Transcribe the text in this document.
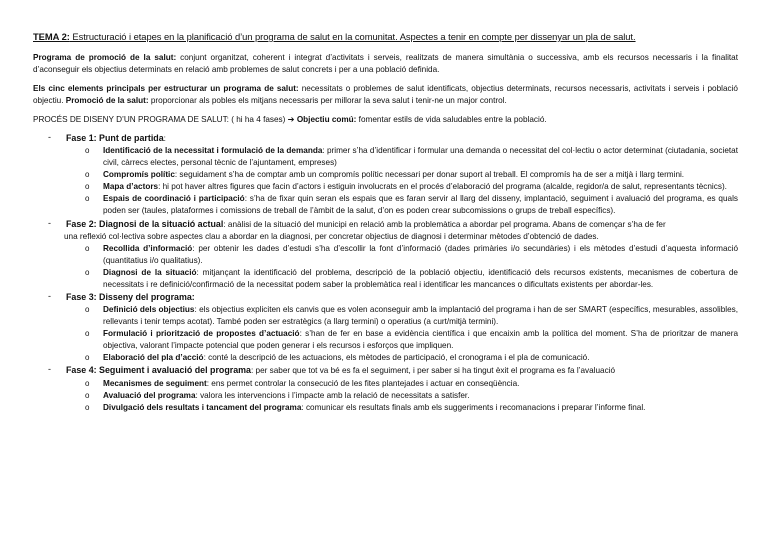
TEMA 2: Estructuració i etapes en la planificació d’un programa de salut en la comunitat. Aspectes a tenir en compte per dissenyar un pla de salut.

Programa de promoció de la salut: conjunt organitzat, coherent i integrat d’activitats i serveis, realitzats de manera simultània o successiva, amb els recursos necessaris i la finalitat d’aconseguir els objectius determinats en relació amb problemes de salut concrets i per a una població definida.

Els cinc elements principals per estructurar un programa de salut: necessitats o problemes de salut identificats, objectius determinats, recursos necessaris, activitats i serveis i població objectiu. Promoció de la salut: proporcionar als pobles els mitjans necessaris per millorar la seva salut i tenir-ne un major control.

PROCÉS DE DISENY D’UN PROGRAMA DE SALUT: ( hi ha 4 fases) ➔ Objectiu comú: fomentar estils de vida saludables entre la població.

- Fase 1: Punt de partida:
o Identificació de la necessitat i formulació de la demanda: primer s’ha d’identificar i formular una demanda o necessitat del col·lectiu o actor determinat (ciutadania, societat civil, càrrecs electes, personal tècnic de l’ajuntament, empreses)
o Compromís polític: seguidament s’ha de comptar amb un compromís polític necessari per donar suport al treball. El compromís ha de ser a mitjà i llarg termini.
o Mapa d’actors: hi pot haver altres figures que facin d’actors i estiguin involucrats en el procés d’elaboració del programa (alcalde, regidor/a de salut, representants tècnics).
o Espais de coordinació i participació: s’ha de fixar quin seran els espais que es faran servir al llarg del disseny, implantació, seguiment i avaluació del programa, es quals poden ser (taules, plataformes i comissions de treball de l’àmbit de la salut, d’on es poden crear subcomissions o grups de treball específics).
- Fase 2: Diagnosi de la situació actual: anàlisi de la situació del municipi en relació amb la problemàtica a abordar pel programa. Abans de començar s’ha de fer
una reflexió col·lectiva sobre aspectes clau a abordar en la diagnosi, per concretar objectius de diagnosi i determinar mètodes d’obtenció de dades.
o Recollida d’informació: per obtenir les dades d’estudi s’ha d’escollir la font d’informació (dades primàries i/o secundàries) i els mètodes d’estudi d’aquesta informació (quantitatius i/o qualitatius).
o Diagnosi de la situació: mitjançant la identificació del problema, descripció de la població objectiu, identificació dels recursos existents, mecanismes de cobertura de necessitats i re definició/confirmació de la necessitat podem saber la problemàtica real i identificar les mancances o dificultats existents per abordar-les.
- Fase 3: Disseny del programa:
o Definició dels objectius: els objectius expliciten els canvis que es volen aconseguir amb la implantació del programa i han de ser SMART (específics, mesurables, assolibles, rellevants i tenir temps acotat). També poden ser estratègics (a llarg termini) o operatius (a curt/mitjà termini).
o Formulació i priorització de propostes d’actuació: s’han de fer en base a evidència científica i que encaixin amb la política del moment. S’ha de prioritzar de manera objectiva, valorant l’impacte potencial que poden generar i els recursos i esforços que impliquen.
o Elaboració del pla d’acció: conté la descripció de les actuacions, els mètodes de participació, el cronograma i el pla de comunicació.
- Fase 4: Seguiment i avaluació del programa: per saber que tot va bé es fa el seguiment, i per saber si ha tingut èxit el programa es fa l’avaluació
o Mecanismes de seguiment: ens permet controlar la consecució de les fites plantejades i actuar en conseqüència.
o Avaluació del programa: valora les intervencions i l’impacte amb la relació de necessitats a satisfer.
o Divulgació dels resultats i tancament del programa: comunicar els resultats finals amb els suggeriments i recomanacions i preparar l’informe final.
